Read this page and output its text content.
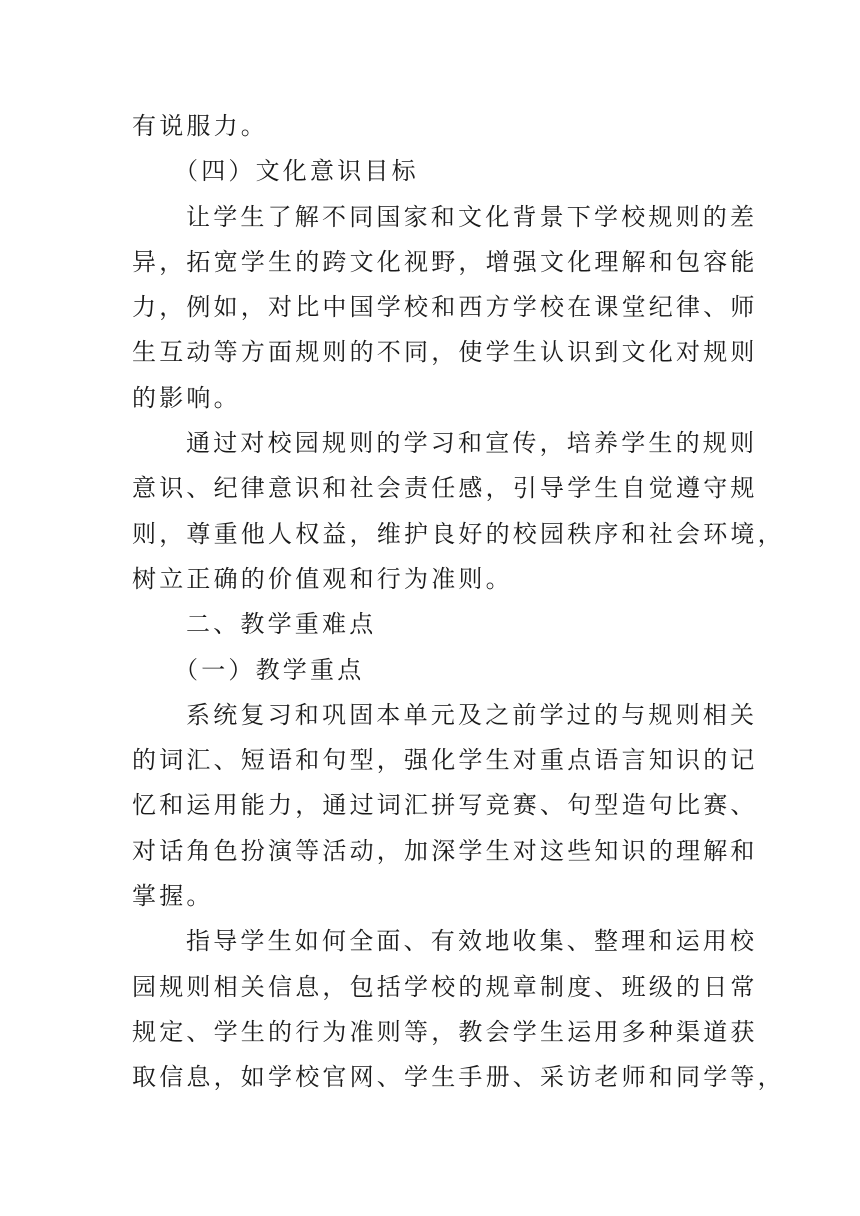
有说服力。
（四）文化意识目标
让学生了解不同国家和文化背景下学校规则的差
异，拓宽学生的跨文化视野，增强文化理解和包容能
力，例如，对比中国学校和西方学校在课堂纪律、师
生互动等方面规则的不同，使学生认识到文化对规则
的影响。
通过对校园规则的学习和宣传，培养学生的规则
意识、纪律意识和社会责任感，引导学生自觉遵守规
则，尊重他人权益，维护良好的校园秩序和社会环境，
树立正确的价值观和行为准则。
二、教学重难点
（一）教学重点
系统复习和巩固本单元及之前学过的与规则相关
的词汇、短语和句型，强化学生对重点语言知识的记
忆和运用能力，通过词汇拼写竞赛、句型造句比赛、
对话角色扮演等活动，加深学生对这些知识的理解和
掌握。
指导学生如何全面、有效地收集、整理和运用校
园规则相关信息，包括学校的规章制度、班级的日常
规定、学生的行为准则等，教会学生运用多种渠道获
取信息，如学校官网、学生手册、采访老师和同学等，
